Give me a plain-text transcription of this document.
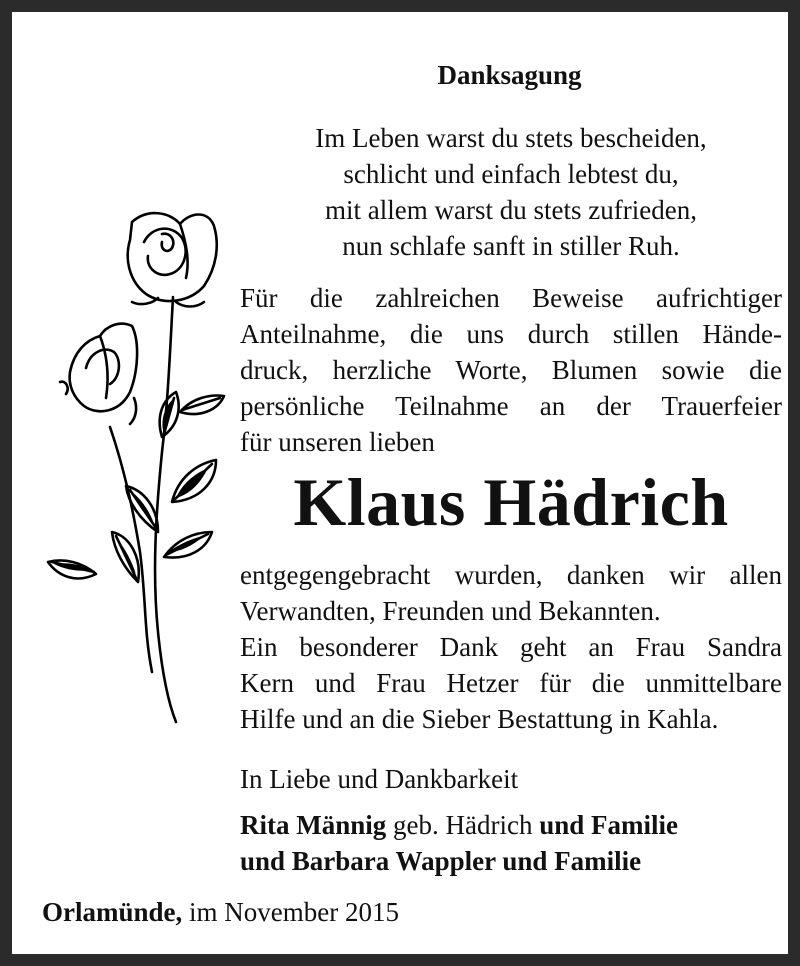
Danksagung
Im Leben warst du stets bescheiden,
schlicht und einfach lebtest du,
mit allem warst du stets zufrieden,
nun schlafe sanft in stiller Ruh.
Für die zahlreichen Beweise aufrichtiger
Anteilnahme, die uns durch stillen Hände-
druck, herzliche Worte, Blumen sowie die
persönliche Teilnahme an der Trauerfeier
für unseren lieben
Klaus Hädrich
entgegengebracht wurden, danken wir allen
Verwandten, Freunden und Bekannten.
Ein besonderer Dank geht an Frau Sandra
Kern und Frau Hetzer für die unmittelbare
Hilfe und an die Sieber Bestattung in Kahla.
In Liebe und Dankbarkeit
Rita Männig geb. Hädrich und Familie
und Barbara Wappler und Familie
Orlamünde, im November 2015
